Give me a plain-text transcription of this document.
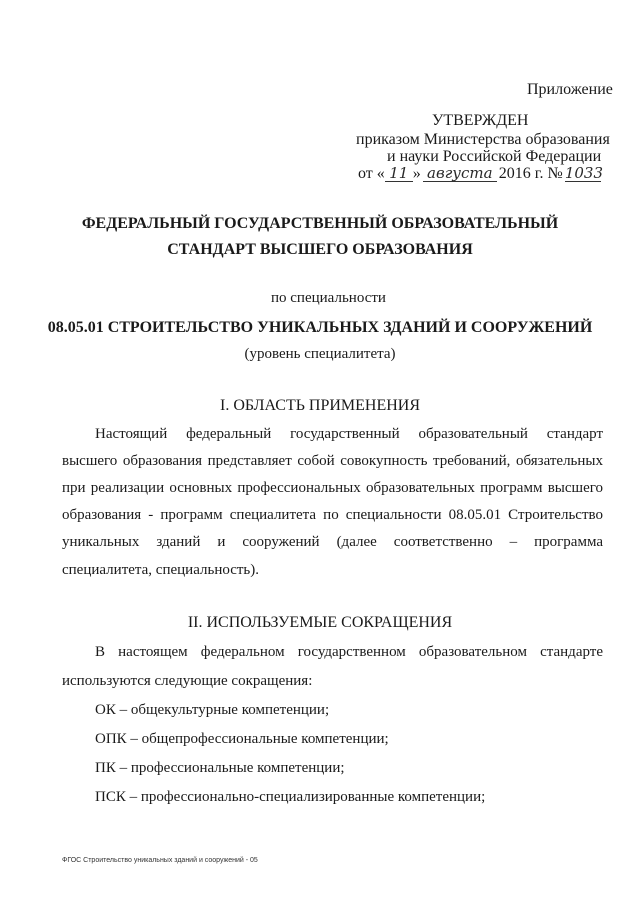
Приложение
УТВЕРЖДЕН
приказом Министерства образования
и науки Российской Федерации
от « 11 » августа 2016 г. № 1033
ФЕДЕРАЛЬНЫЙ ГОСУДАРСТВЕННЫЙ ОБРАЗОВАТЕЛЬНЫЙ
СТАНДАРТ ВЫСШЕГО ОБРАЗОВАНИЯ
по специальности
08.05.01 СТРОИТЕЛЬСТВО УНИКАЛЬНЫХ ЗДАНИЙ И СООРУЖЕНИЙ
(уровень специалитета)
I. ОБЛАСТЬ ПРИМЕНЕНИЯ
Настоящий федеральный государственный образовательный стандарт
высшего образования представляет собой совокупность требований, обязательных
при реализации основных профессиональных образовательных программ высшего
образования - программ специалитета по специальности 08.05.01 Строительство
уникальных зданий и сооружений (далее соответственно – программа
специалитета, специальность).
II. ИСПОЛЬЗУЕМЫЕ СОКРАЩЕНИЯ
В настоящем федеральном государственном образовательном стандарте
используются следующие сокращения:
ОК – общекультурные компетенции;
ОПК – общепрофессиональные компетенции;
ПК – профессиональные компетенции;
ПСК – профессионально-специализированные компетенции;
ФГОС Строительство уникальных зданий и сооружений - 05
